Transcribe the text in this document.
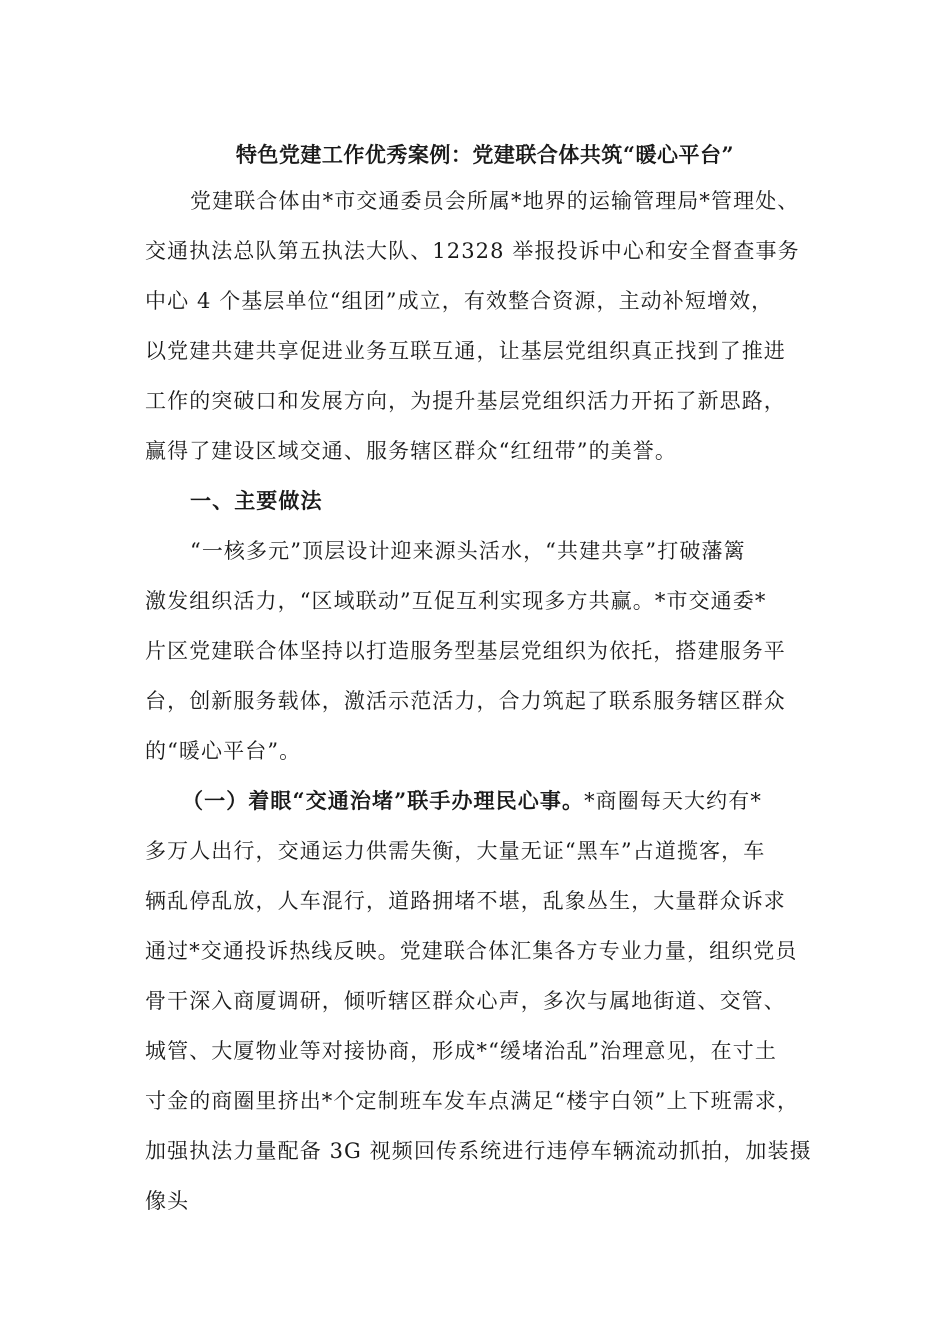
特色党建工作优秀案例：党建联合体共筑“暖心平台”
党建联合体由*市交通委员会所属*地界的运输管理局*管理处、
交通执法总队第五执法大队、12328 举报投诉中心和安全督查事务
中心 4 个基层单位“组团”成立，有效整合资源，主动补短增效，
以党建共建共享促进业务互联互通，让基层党组织真正找到了推进
工作的突破口和发展方向，为提升基层党组织活力开拓了新思路，
赢得了建设区域交通、服务辖区群众“红纽带”的美誉。
一、主要做法
“一核多元”顶层设计迎来源头活水，“共建共享”打破藩篱
激发组织活力，“区域联动”互促互利实现多方共赢。*市交通委*
片区党建联合体坚持以打造服务型基层党组织为依托，搭建服务平
台，创新服务载体，激活示范活力，合力筑起了联系服务辖区群众
的“暖心平台”。
（一）着眼“交通治堵”联手办理民心事。*商圈每天大约有*
多万人出行，交通运力供需失衡，大量无证“黑车”占道揽客，车
辆乱停乱放，人车混行，道路拥堵不堪，乱象丛生，大量群众诉求
通过*交通投诉热线反映。党建联合体汇集各方专业力量，组织党员
骨干深入商厦调研，倾听辖区群众心声，多次与属地街道、交管、
城管、大厦物业等对接协商，形成*“缓堵治乱”治理意见，在寸土
寸金的商圈里挤出*个定制班车发车点满足“楼宇白领”上下班需求，
加强执法力量配备 3G 视频回传系统进行违停车辆流动抓拍，加装摄
像头
